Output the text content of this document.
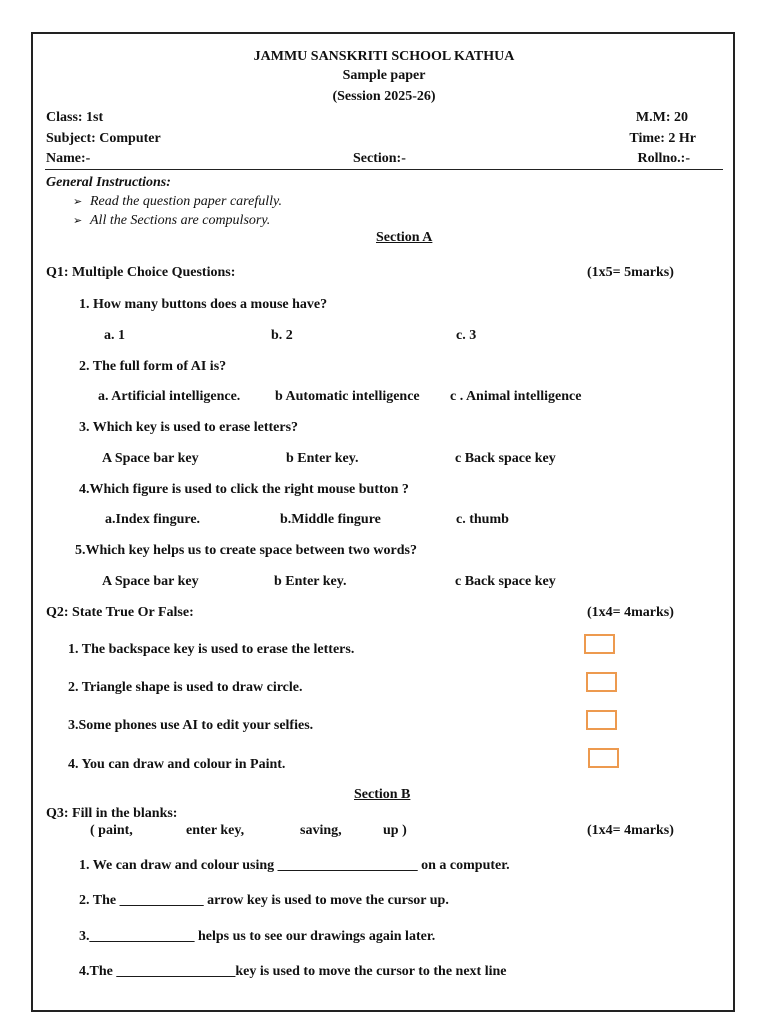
JAMMU SANSKRITI SCHOOL KATHUA
Sample paper
(Session 2025-26)
Class: 1st	M.M: 20
Subject: Computer	Time: 2 Hr
Name:-	Section:-	Rollno.:-
General Instructions:
➢ Read the question paper carefully.
➢ All the Sections are compulsory.
Section A
Q1: Multiple Choice Questions:	(1x5= 5marks)
1. How many buttons does a mouse have?
a. 1	b. 2	c. 3
2. The full form of AI is?
a. Artificial intelligence. b Automatic intelligence c . Animal intelligence
3. Which key is used to erase letters?
A Space bar key	b Enter key.	c Back space key
4.Which figure is used to click the right mouse button ?
a.Index fingure.	b.Middle fingure	c. thumb
5.Which key helps us to create space between two words?
A Space bar key	b Enter key.	c Back space key
Q2: State True Or False:	(1x4= 4marks)
1. The backspace key is used to erase the letters.
2. Triangle shape is used to draw circle.
3.Some phones use AI to edit your selfies.
4. You can draw and colour in Paint.
Section B
Q3: Fill in the blanks:
( paint,	enter key,	saving,	up )	(1x4= 4marks)
1. We can draw and colour using ____________________ on a computer.
2. The ____________ arrow key is used to move the cursor up.
3._______________ helps us to see our drawings again later.
4.The _________________key is used to move the cursor to the next line
